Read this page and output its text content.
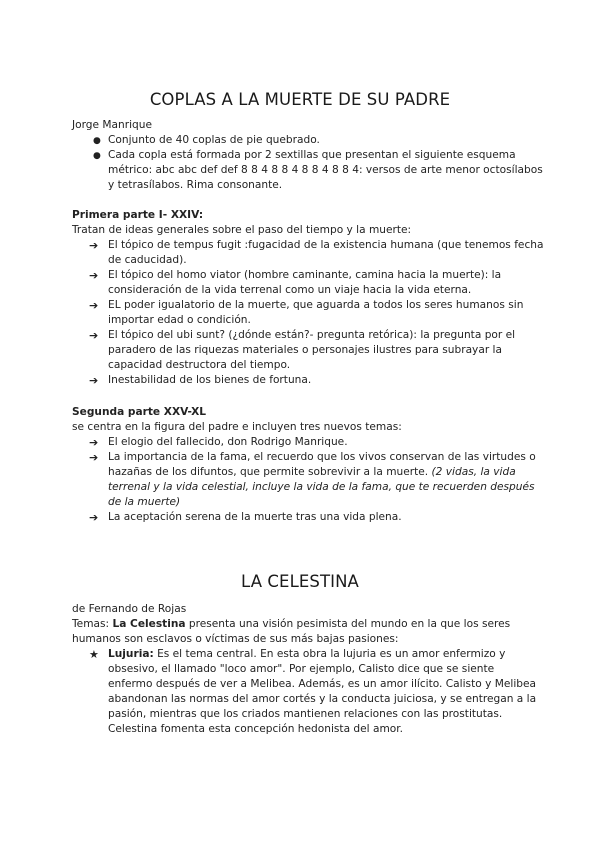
COPLAS A LA MUERTE DE SU PADRE
Jorge Manrique
● Conjunto de 40 coplas de pie quebrado.
● Cada copla está formada por 2 sextillas que presentan el siguiente esquema métrico: abc abc def def 8 8 4 8 8 4 8 8 4 8 8 4: versos de arte menor octosílabos y tetrasílabos. Rima consonante.
Primera parte I- XXIV:
Tratan de ideas generales sobre el paso del tiempo y la muerte:
➔ El tópico de tempus fugit :fugacidad de la existencia humana (que tenemos fecha de caducidad).
➔ El tópico del homo viator (hombre caminante, camina hacia la muerte): la consideración de la vida terrenal como un viaje hacia la vida eterna.
➔ EL poder igualatorio de la muerte, que aguarda a todos los seres humanos sin importar edad o condición.
➔ El tópico del ubi sunt? (¿dónde están?- pregunta retórica): la pregunta por el paradero de las riquezas materiales o personajes ilustres para subrayar la capacidad destructora del tiempo.
➔ Inestabilidad de los bienes de fortuna.
Segunda parte XXV-XL
se centra en la figura del padre e incluyen tres nuevos temas:
➔ El elogio del fallecido, don Rodrigo Manrique.
➔ La importancia de la fama, el recuerdo que los vivos conservan de las virtudes o hazañas de los difuntos, que permite sobrevivir a la muerte. (2 vidas, la vida terrenal y la vida celestial, incluye la vida de la fama, que te recuerden después de la muerte)
➔ La aceptación serena de la muerte tras una vida plena.
LA CELESTINA
de Fernando de Rojas
Temas: La Celestina presenta una visión pesimista del mundo en la que los seres humanos son esclavos o víctimas de sus más bajas pasiones:
★ Lujuria: Es el tema central. En esta obra la lujuria es un amor enfermizo y obsesivo, el llamado "loco amor". Por ejemplo, Calisto dice que se siente enfermo después de ver a Melibea. Además, es un amor ilícito. Calisto y Melibea abandonan las normas del amor cortés y la conducta juiciosa, y se entregan a la pasión, mientras que los criados mantienen relaciones con las prostitutas. Celestina fomenta esta concepción hedonista del amor.
